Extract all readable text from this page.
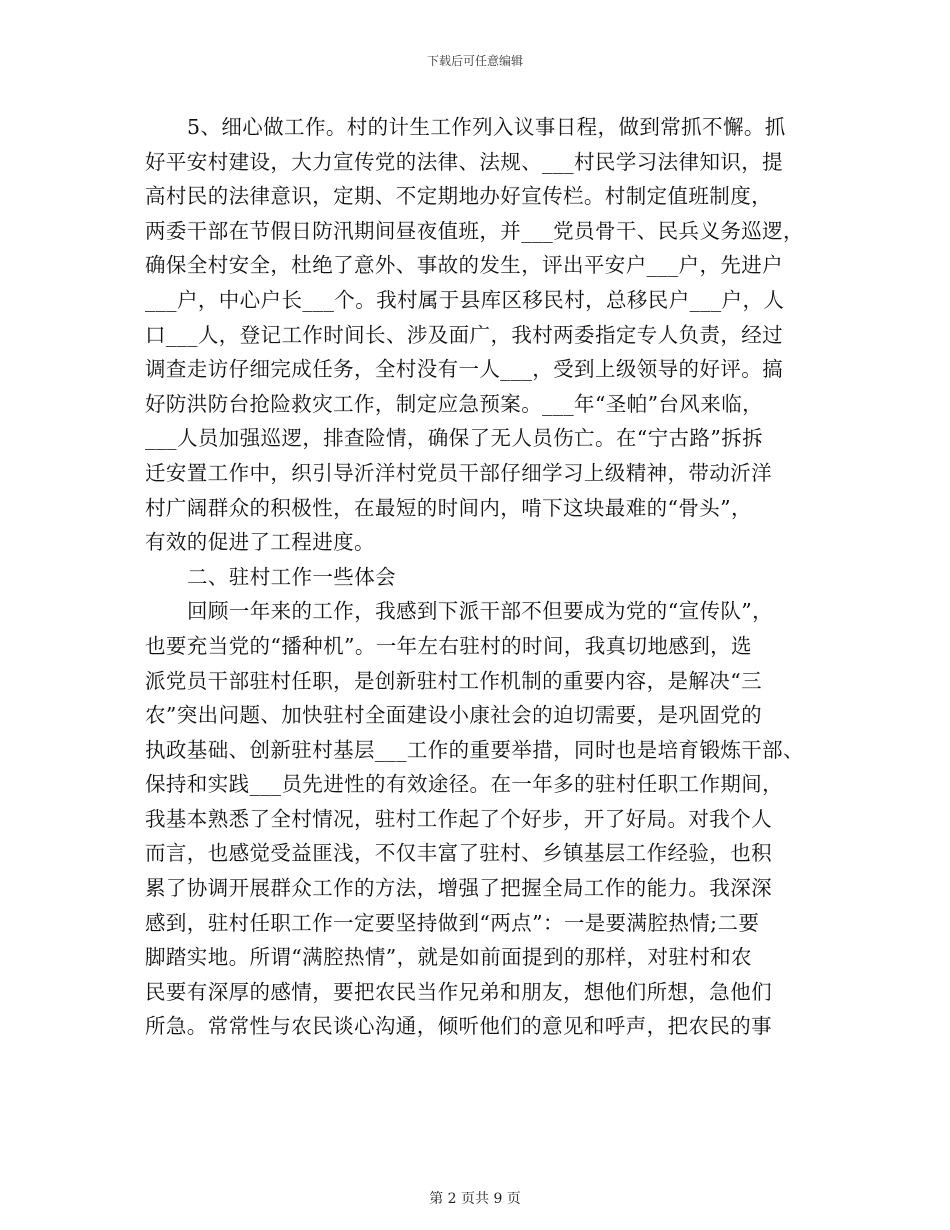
下载后可任意编辑
5、细心做工作。村的计生工作列入议事日程，做到常抓不懈。抓
好平安村建设，大力宣传党的法律、法规、___村民学习法律知识，提
高村民的法律意识，定期、不定期地办好宣传栏。村制定值班制度，
两委干部在节假日防汛期间昼夜值班，并___党员骨干、民兵义务巡逻，
确保全村安全，杜绝了意外、事故的发生，评出平安户___户，先进户
___户，中心户长___个。我村属于县库区移民村，总移民户___户，人
口___人，登记工作时间长、涉及面广，我村两委指定专人负责，经过
调查走访仔细完成任务，全村没有一人___，受到上级领导的好评。搞
好防洪防台抢险救灾工作，制定应急预案。___年“圣帕”台风来临，
___人员加强巡逻，排查险情，确保了无人员伤亡。在“宁古路”拆拆
迁安置工作中，织引导沂洋村党员干部仔细学习上级精神，带动沂洋
村广阔群众的积极性，在最短的时间内，啃下这块最难的“骨头”，
有效的促进了工程进度。
二、驻村工作一些体会
回顾一年来的工作，我感到下派干部不但要成为党的“宣传队”，
也要充当党的“播种机”。一年左右驻村的时间，我真切地感到，选
派党员干部驻村任职，是创新驻村工作机制的重要内容，是解决“三
农”突出问题、加快驻村全面建设小康社会的迫切需要，是巩固党的
执政基础、创新驻村基层___工作的重要举措，同时也是培育锻炼干部、
保持和实践___员先进性的有效途径。在一年多的驻村任职工作期间，
我基本熟悉了全村情况，驻村工作起了个好步，开了好局。对我个人
而言，也感觉受益匪浅，不仅丰富了驻村、乡镇基层工作经验，也积
累了协调开展群众工作的方法，增强了把握全局工作的能力。我深深
感到，驻村任职工作一定要坚持做到“两点”：一是要满腔热情;二要
脚踏实地。所谓“满腔热情”，就是如前面提到的那样，对驻村和农
民要有深厚的感情，要把农民当作兄弟和朋友，想他们所想，急他们
所急。常常性与农民谈心沟通，倾听他们的意见和呼声，把农民的事
第 2 页共 9 页
